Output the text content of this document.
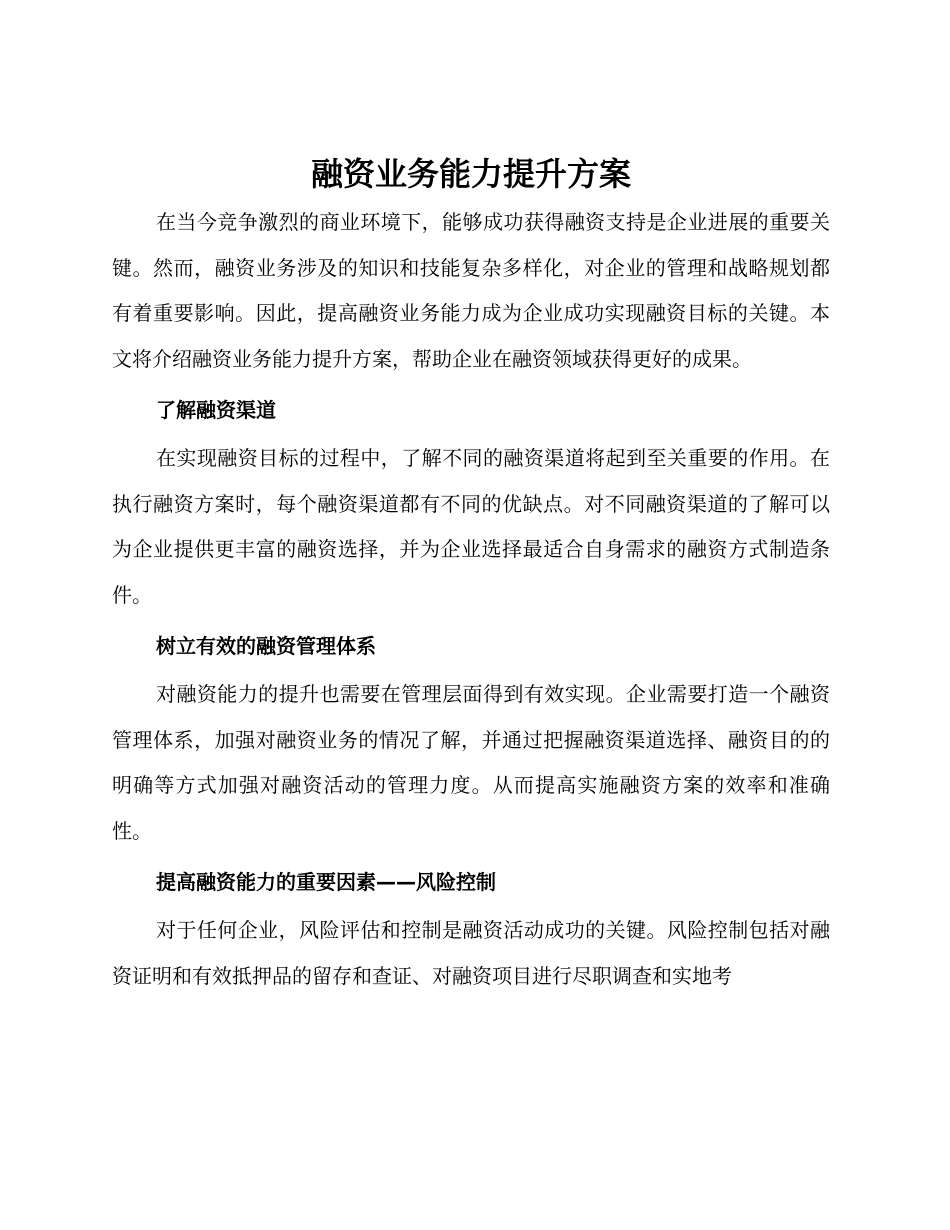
融资业务能力提升方案

在当今竞争激烈的商业环境下，能够成功获得融资支持是企业进展的重要关键。然而，融资业务涉及的知识和技能复杂多样化，对企业的管理和战略规划都有着重要影响。因此，提高融资业务能力成为企业成功实现融资目标的关键。本文将介绍融资业务能力提升方案，帮助企业在融资领域获得更好的成果。

了解融资渠道

在实现融资目标的过程中，了解不同的融资渠道将起到至关重要的作用。在执行融资方案时，每个融资渠道都有不同的优缺点。对不同融资渠道的了解可以为企业提供更丰富的融资选择，并为企业选择最适合自身需求的融资方式制造条件。

树立有效的融资管理体系

对融资能力的提升也需要在管理层面得到有效实现。企业需要打造一个融资管理体系，加强对融资业务的情况了解，并通过把握融资渠道选择、融资目的的明确等方式加强对融资活动的管理力度。从而提高实施融资方案的效率和准确性。

提高融资能力的重要因素——风险控制

对于任何企业，风险评估和控制是融资活动成功的关键。风险控制包括对融资证明和有效抵押品的留存和查证、对融资项目进行尽职调查和实地考
